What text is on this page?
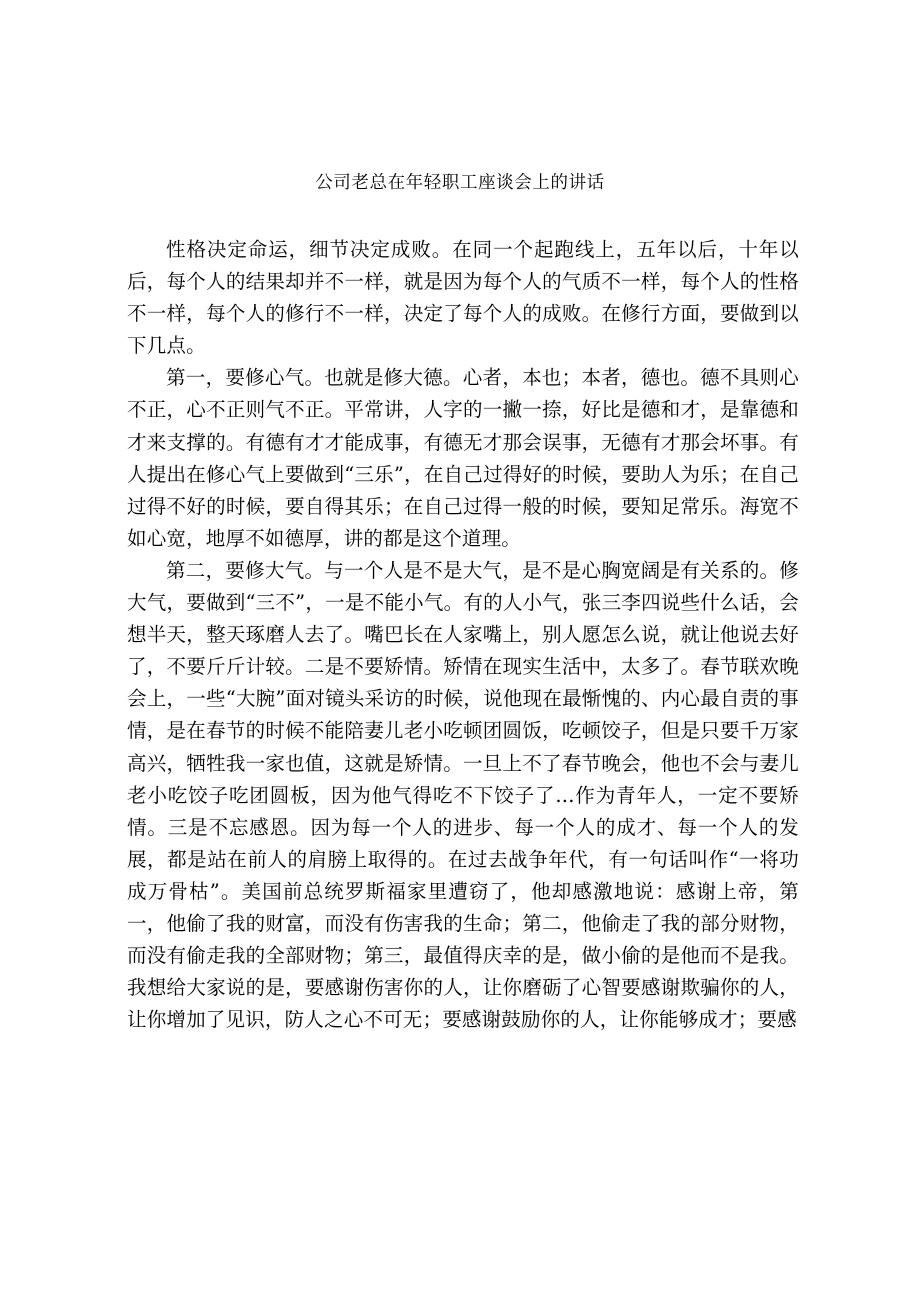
公司老总在年轻职工座谈会上的讲话

性格决定命运，细节决定成败。在同一个起跑线上，五年以后，十年以后，每个人的结果却并不一样，就是因为每个人的气质不一样，每个人的性格不一样，每个人的修行不一样，决定了每个人的成败。在修行方面，要做到以下几点。

第一，要修心气。也就是修大德。心者，本也；本者，德也。德不具则心不正，心不正则气不正。平常讲，人字的一撇一捺，好比是德和才，是靠德和才来支撑的。有德有才才能成事，有德无才那会误事，无德有才那会坏事。有人提出在修心气上要做到“三乐”，在自己过得好的时候，要助人为乐；在自己过得不好的时候，要自得其乐；在自己过得一般的时候，要知足常乐。海宽不如心宽，地厚不如德厚，讲的都是这个道理。

第二，要修大气。与一个人是不是大气，是不是心胸宽阔是有关系的。修大气，要做到“三不”，一是不能小气。有的人小气，张三李四说些什么话，会想半天，整天琢磨人去了。嘴巴长在人家嘴上，别人愿怎么说，就让他说去好了，不要斤斤计较。二是不要矫情。矫情在现实生活中，太多了。春节联欢晚会上，一些“大腕”面对镜头采访的时候，说他现在最惭愧的、内心最自责的事情，是在春节的时候不能陪妻儿老小吃顿团圆饭，吃顿饺子，但是只要千万家高兴，牺牲我一家也值，这就是矫情。一旦上不了春节晚会，他也不会与妻儿老小吃饺子吃团圆板，因为他气得吃不下饺子了...作为青年人，一定不要矫情。三是不忘感恩。因为每一个人的进步、每一个人的成才、每一个人的发展，都是站在前人的肩膀上取得的。在过去战争年代，有一句话叫作“一将功成万骨枯”。美国前总统罗斯福家里遭窃了，他却感激地说：感谢上帝，第一，他偷了我的财富，而没有伤害我的生命；第二，他偷走了我的部分财物，而没有偷走我的全部财物；第三，最值得庆幸的是，做小偷的是他而不是我。我想给大家说的是，要感谢伤害你的人，让你磨砺了心智要感谢欺骗你的人，让你增加了见识，防人之心不可无；要感谢鼓励你的人，让你能够成才；要感
